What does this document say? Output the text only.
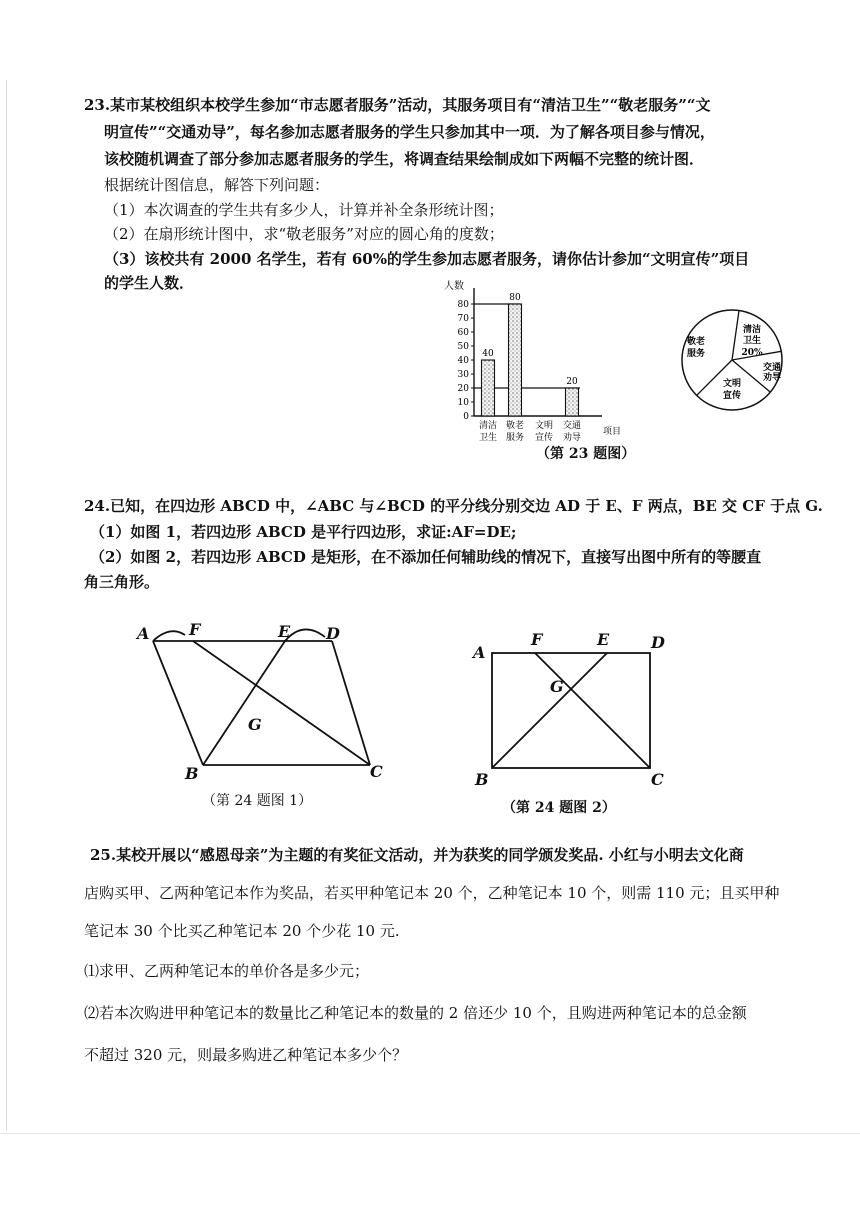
23.某市某校组织本校学生参加“市志愿者服务”活动，其服务项目有“清洁卫生”“敬老服务”“文
明宣传”“交通劝导”，每名参加志愿者服务的学生只参加其中一项．为了解各项目参与情况，
该校随机调查了部分参加志愿者服务的学生，将调查结果绘制成如下两幅不完整的统计图．
根据统计图信息，解答下列问题：
（1）本次调查的学生共有多少人，计算并补全条形统计图；
（2）在扇形统计图中，求“敬老服务”对应的圆心角的度数；
（3）该校共有 2000 名学生，若有 60%的学生参加志愿者服务，请你估计参加“文明宣传”项目
的学生人数．	人数
项目
0
10
20
30
40
50
60
70
80
40
清洁
卫生
80
敬老
服务
文明
宣传
20
交通
劝导
敬老
服务
清洁
卫生
20%
交通
劝导
文明
宣传
（第 23 题图）
24.已知，在四边形 ABCD 中，∠ABC 与∠BCD 的平分线分别交边 AD 于 E、F 两点，BE 交 CF 于点 G.
（1）如图 1，若四边形 ABCD 是平行四边形，求证:AF=DE;
（2）如图 2，若四边形 ABCD 是矩形，在不添加任何辅助线的情况下，直接写出图中所有的等腰直
角三角形。
A F	E D
G
B	C
（第 24 题图 1）
A
F	E	D
G
B	C
（第 24 题图 2）
25.某校开展以“感恩母亲”为主题的有奖征文活动，并为获奖的同学颁发奖品. 小红与小明去文化商
店购买甲、乙两种笔记本作为奖品，若买甲种笔记本 20 个，乙种笔记本 10 个，则需 110 元；且买甲种
笔记本 30 个比买乙种笔记本 20 个少花 10 元.
⑴求甲、乙两种笔记本的单价各是多少元；
⑵若本次购进甲种笔记本的数量比乙种笔记本的数量的 2 倍还少 10 个，且购进两种笔记本的总金额
不超过 320 元，则最多购进乙种笔记本多少个？
